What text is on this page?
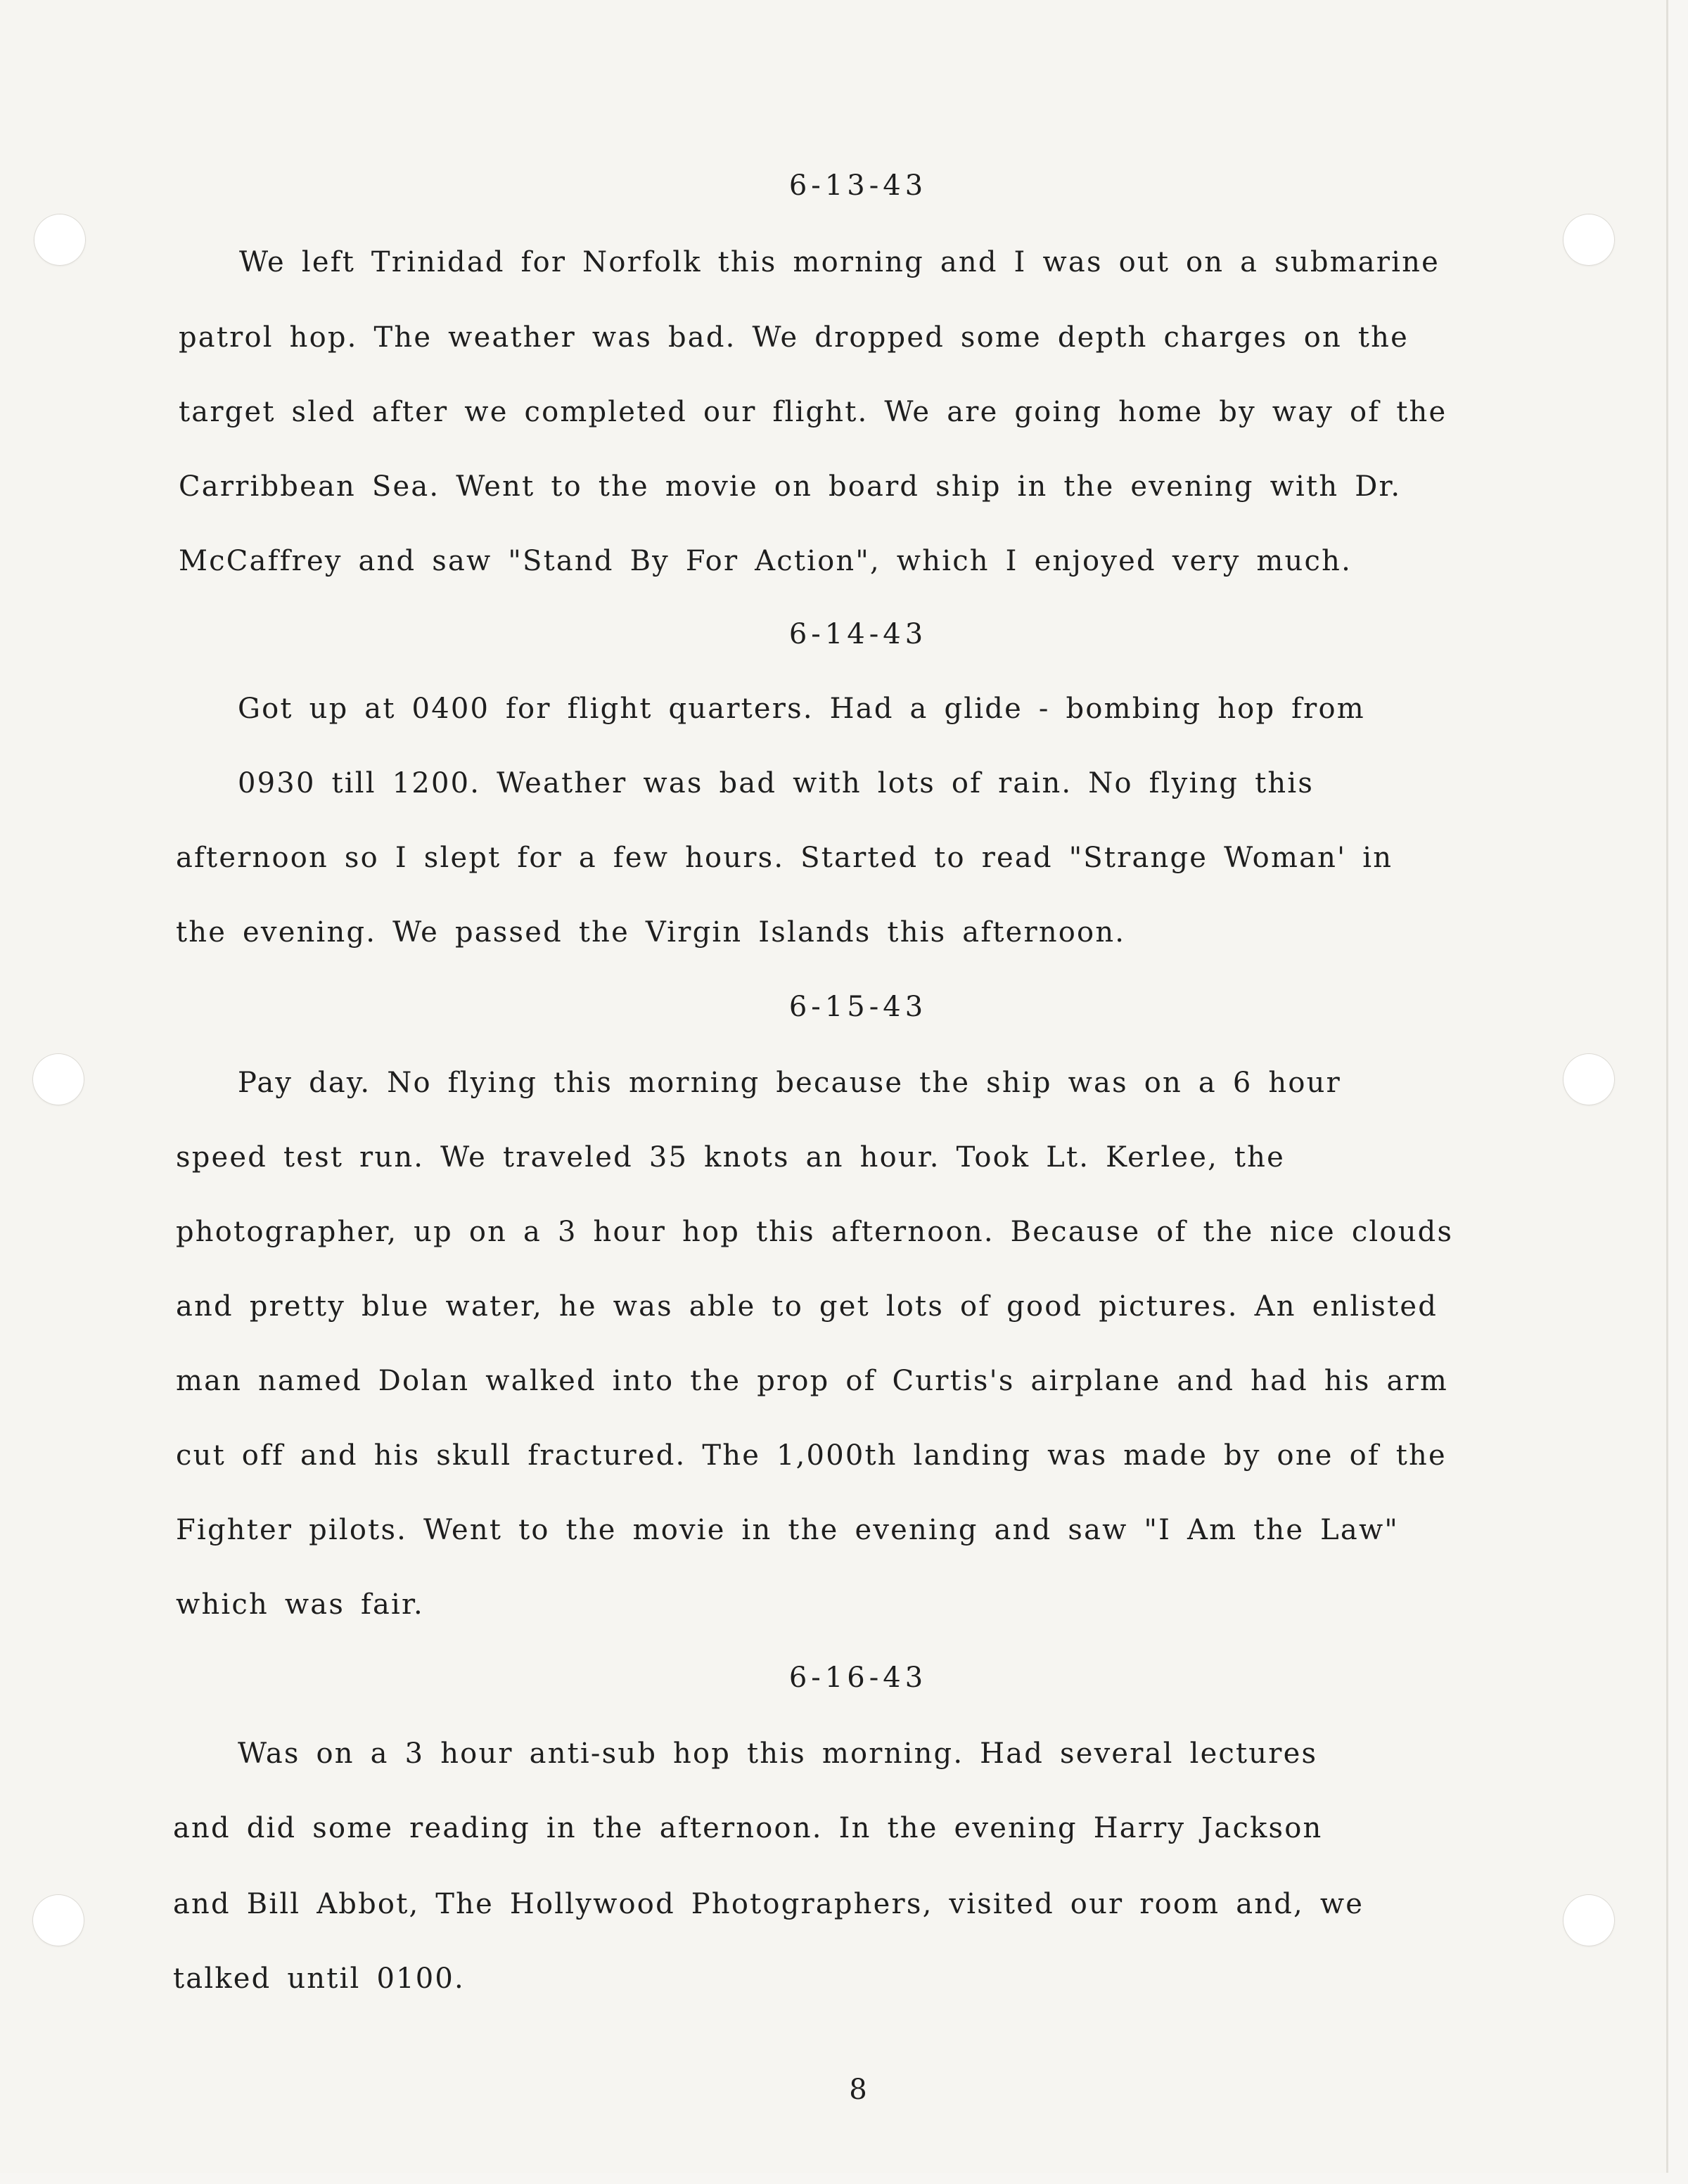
6-13-43
We left Trinidad for Norfolk this morning and I was out on a submarine
patrol hop. The weather was bad. We dropped some depth charges on the
target sled after we completed our flight. We are going home by way of the
Carribbean Sea. Went to the movie on board ship in the evening with Dr.
McCaffrey and saw "Stand By For Action", which I enjoyed very much.
6-14-43
Got up at 0400 for flight quarters. Had a glide - bombing hop from
0930 till 1200. Weather was bad with lots of rain. No flying this
afternoon so I slept for a few hours. Started to read "Strange Woman' in
the evening. We passed the Virgin Islands this afternoon.
6-15-43
Pay day. No flying this morning because the ship was on a 6 hour
speed test run. We traveled 35 knots an hour. Took Lt. Kerlee, the
photographer, up on a 3 hour hop this afternoon. Because of the nice clouds
and pretty blue water, he was able to get lots of good pictures. An enlisted
man named Dolan walked into the prop of Curtis's airplane and had his arm
cut off and his skull fractured. The 1,000th landing was made by one of the
Fighter pilots. Went to the movie in the evening and saw "I Am the Law"
which was fair.
6-16-43
Was on a 3 hour anti-sub hop this morning. Had several lectures
and did some reading in the afternoon. In the evening Harry Jackson
and Bill Abbot, The Hollywood Photographers, visited our room and, we
talked until 0100.
8
